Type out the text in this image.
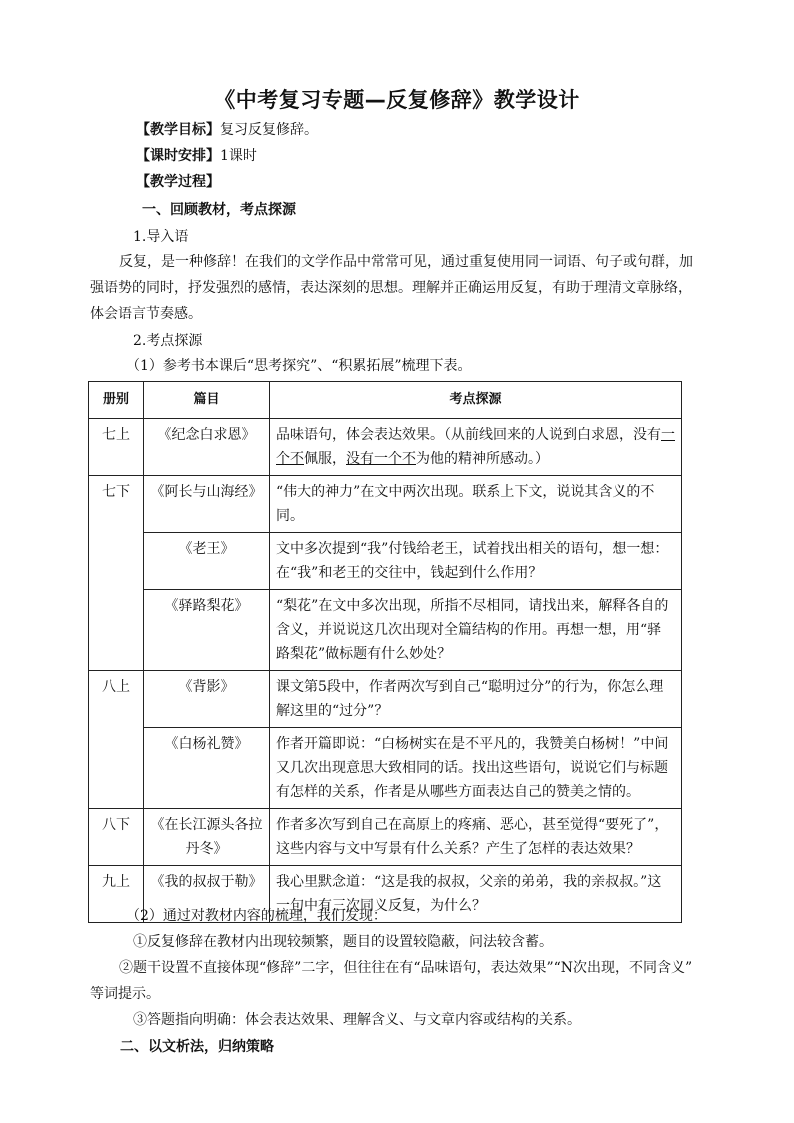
《中考复习专题—反复修辞》教学设计
【教学目标】复习反复修辞。
【课时安排】1课时
【教学过程】
一、回顾教材，考点探源
1.导入语
反复，是一种修辞！在我们的文学作品中常常可见，通过重复使用同一词语、句子或句群，加
强语势的同时，抒发强烈的感情，表达深刻的思想。理解并正确运用反复，有助于理清文章脉络，
体会语言节奏感。
2.考点探源
（1）参考书本课后“思考探究”、“积累拓展”梳理下表。
册别	篇目	考点探源
七上	《纪念白求恩》	品味语句，体会表达效果。（从前线回来的人说到白求恩，没有一个不佩服，没有一个不为他的精神所感动。）
七下	《阿长与山海经》	“伟大的神力”在文中两次出现。联系上下文，说说其含义的不同。
	《老王》	文中多次提到“我”付钱给老王，试着找出相关的语句，想一想：在“我”和老王的交往中，钱起到什么作用？
	《驿路梨花》	“梨花”在文中多次出现，所指不尽相同，请找出来，解释各自的含义，并说说这几次出现对全篇结构的作用。再想一想，用“驿路梨花”做标题有什么妙处？
八上	《背影》	课文第5段中，作者两次写到自己“聪明过分”的行为，你怎么理解这里的“过分”？
	《白杨礼赞》	作者开篇即说：“白杨树实在是不平凡的，我赞美白杨树！”中间又几次出现意思大致相同的话。找出这些语句，说说它们与标题有怎样的关系，作者是从哪些方面表达自己的赞美之情的。
八下	《在长江源头各拉丹冬》	作者多次写到自己在高原上的疼痛、恶心，甚至觉得“要死了”，这些内容与文中写景有什么关系？产生了怎样的表达效果？
九上	《我的叔叔于勒》	我心里默念道：“这是我的叔叔，父亲的弟弟，我的亲叔叔。”这一句中有三次同义反复，为什么？
（2）通过对教材内容的梳理，我们发现：
①反复修辞在教材内出现较频繁，题目的设置较隐蔽，问法较含蓄。
②题干设置不直接体现“修辞”二字，但往往在有“品味语句，表达效果”“N次出现，不同含义”
等词提示。
③答题指向明确：体会表达效果、理解含义、与文章内容或结构的关系。
二、以文析法，归纳策略
